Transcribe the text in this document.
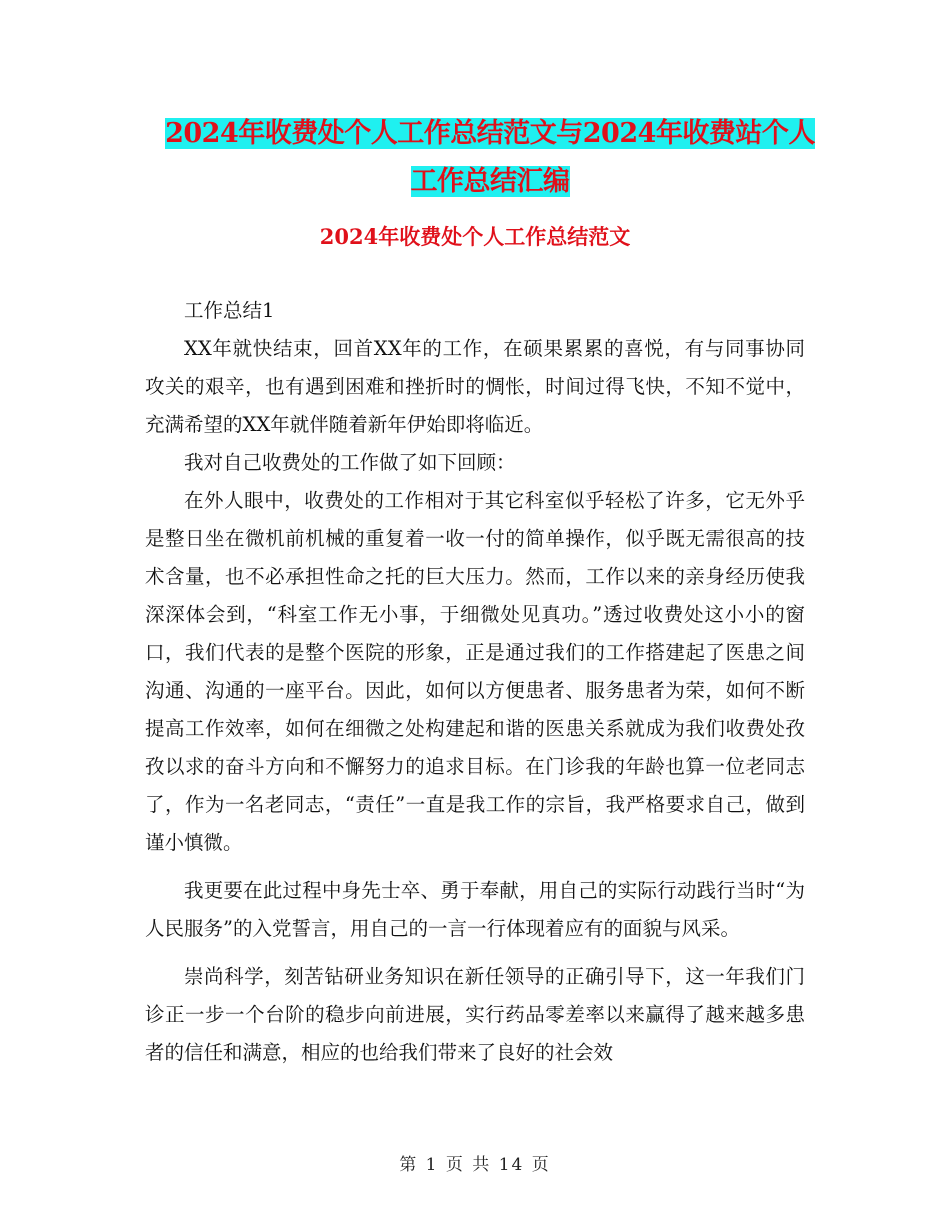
2024年收费处个人工作总结范文与2024年收费站个人
工作总结汇编
2024年收费处个人工作总结范文

工作总结1

XX年就快结束，回首XX年的工作，在硕果累累的喜悦，有与同事协同攻关的艰辛，也有遇到困难和挫折时的惆怅，时间过得飞快，不知不觉中，充满希望的XX年就伴随着新年伊始即将临近。

我对自己收费处的工作做了如下回顾：

在外人眼中，收费处的工作相对于其它科室似乎轻松了许多，它无外乎是整日坐在微机前机械的重复着一收一付的简单操作，似乎既无需很高的技术含量，也不必承担性命之托的巨大压力。然而，工作以来的亲身经历使我深深体会到，“科室工作无小事，于细微处见真功。”透过收费处这小小的窗口，我们代表的是整个医院的形象，正是通过我们的工作搭建起了医患之间沟通、沟通的一座平台。因此，如何以方便患者、服务患者为荣，如何不断提高工作效率，如何在细微之处构建起和谐的医患关系就成为我们收费处孜孜以求的奋斗方向和不懈努力的追求目标。在门诊我的年龄也算一位老同志了，作为一名老同志，“责任”一直是我工作的宗旨，我严格要求自己，做到谨小慎微。

我更要在此过程中身先士卒、勇于奉献，用自己的实际行动践行当时“为人民服务”的入党誓言，用自己的一言一行体现着应有的面貌与风采。

崇尚科学，刻苦钻研业务知识在新任领导的正确引导下，这一年我们门诊正一步一个台阶的稳步向前进展，实行药品零差率以来赢得了越来越多患者的信任和满意，相应的也给我们带来了良好的社会效

第 1 页 共 14 页
